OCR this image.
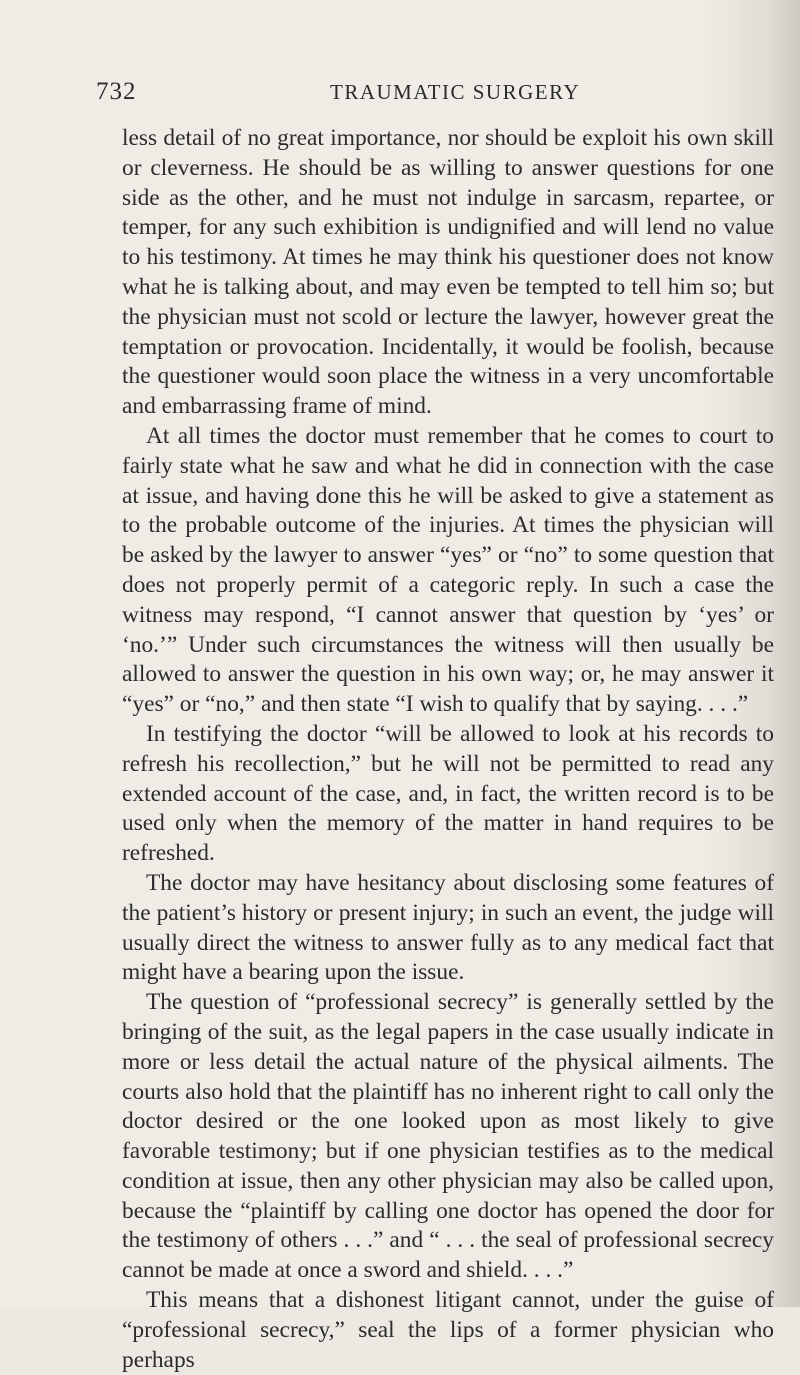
732	TRAUMATIC SURGERY

less detail of no great importance, nor should be exploit his own skill or cleverness. He should be as willing to answer questions for one side as the other, and he must not indulge in sarcasm, repartee, or temper, for any such exhibition is undignified and will lend no value to his testimony. At times he may think his questioner does not know what he is talking about, and may even be tempted to tell him so; but the physician must not scold or lecture the lawyer, however great the temptation or provocation. Incidentally, it would be foolish, because the questioner would soon place the witness in a very uncomfortable and embarrassing frame of mind.

At all times the doctor must remember that he comes to court to fairly state what he saw and what he did in connection with the case at issue, and having done this he will be asked to give a statement as to the probable outcome of the injuries. At times the physician will be asked by the lawyer to answer “yes” or “no” to some question that does not properly permit of a categoric reply. In such a case the witness may respond, “I cannot answer that question by ‘yes’ or ‘no.’” Under such circumstances the witness will then usually be allowed to answer the question in his own way; or, he may answer it “yes” or “no,” and then state “I wish to qualify that by saying. . . .”

In testifying the doctor “will be allowed to look at his records to refresh his recollection,” but he will not be permitted to read any extended account of the case, and, in fact, the written record is to be used only when the memory of the matter in hand requires to be refreshed.

The doctor may have hesitancy about disclosing some features of the patient’s history or present injury; in such an event, the judge will usually direct the witness to answer fully as to any medical fact that might have a bearing upon the issue.

The question of “professional secrecy” is generally settled by the bringing of the suit, as the legal papers in the case usually indicate in more or less detail the actual nature of the physical ailments. The courts also hold that the plaintiff has no inherent right to call only the doctor desired or the one looked upon as most likely to give favorable testimony; but if one physician testifies as to the medical condition at issue, then any other physician may also be called upon, because the “plaintiff by calling one doctor has opened the door for the testimony of others . . .” and “ . . . the seal of professional secrecy cannot be made at once a sword and shield. . . .”

This means that a dishonest litigant cannot, under the guise of “professional secrecy,” seal the lips of a former physician who perhaps
